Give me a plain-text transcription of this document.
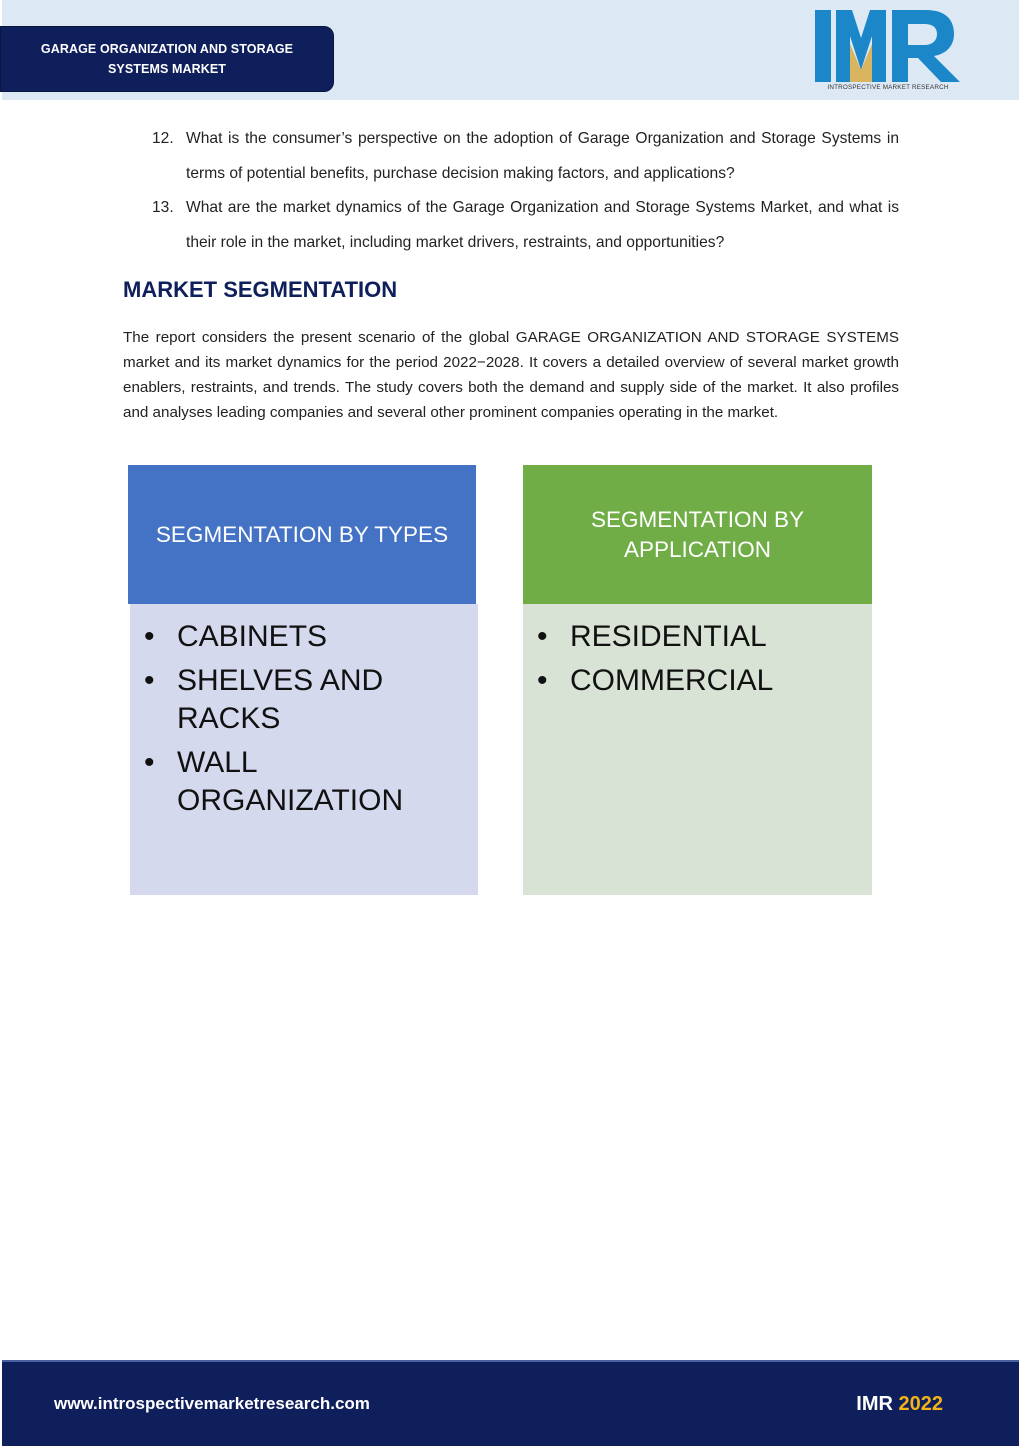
GARAGE ORGANIZATION AND STORAGE
SYSTEMS MARKET
INTROSPECTIVE MARKET RESEARCH
12. What is the consumer’s perspective on the adoption of Garage Organization and Storage Systems in terms of potential benefits, purchase decision making factors, and applications?
13. What are the market dynamics of the Garage Organization and Storage Systems Market, and what is their role in the market, including market drivers, restraints, and opportunities?
MARKET SEGMENTATION
The report considers the present scenario of the global GARAGE ORGANIZATION AND STORAGE SYSTEMS market and its market dynamics for the period 2022−2028. It covers a detailed overview of several market growth enablers, restraints, and trends. The study covers both the demand and supply side of the market. It also profiles and analyses leading companies and several other prominent companies operating in the market.
SEGMENTATION BY TYPES
• CABINETS
• SHELVES AND RACKS
• WALL ORGANIZATION
SEGMENTATION BY
APPLICATION
• RESIDENTIAL
• COMMERCIAL
www.introspectivemarketresearch.com	IMR 2022
